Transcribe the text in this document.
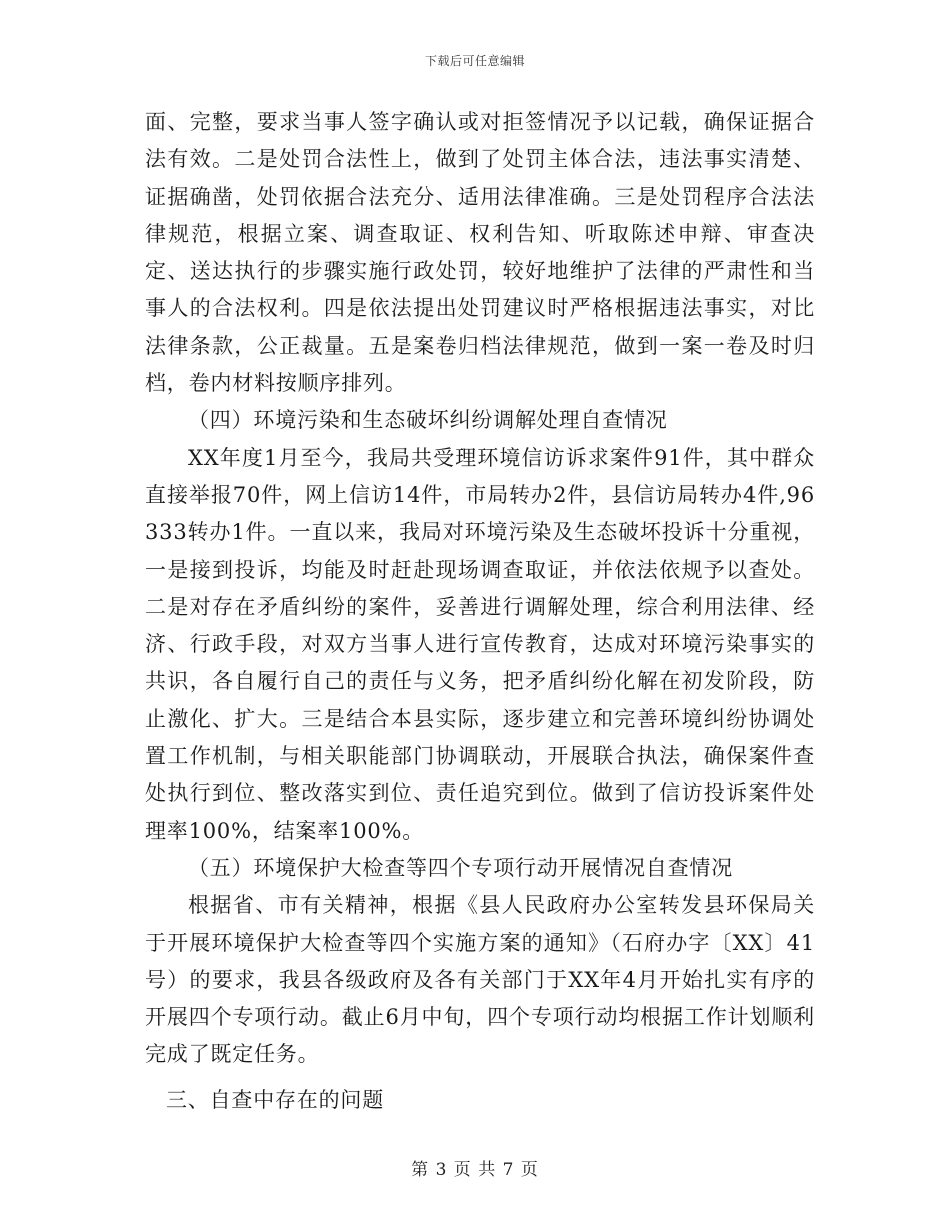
下载后可任意编辑

面、完整，要求当事人签字确认或对拒签情况予以记载，确保证据合法有效。二是处罚合法性上，做到了处罚主体合法，违法事实清楚、证据确凿，处罚依据合法充分、适用法律准确。三是处罚程序合法法律规范，根据立案、调查取证、权利告知、听取陈述申辩、审查决定、送达执行的步骤实施行政处罚，较好地维护了法律的严肃性和当事人的合法权利。四是依法提出处罚建议时严格根据违法事实，对比法律条款，公正裁量。五是案卷归档法律规范，做到一案一卷及时归档，卷内材料按顺序排列。

（四）环境污染和生态破坏纠纷调解处理自查情况

XX年度1月至今，我局共受理环境信访诉求案件91件，其中群众直接举报70件，网上信访14件，市局转办2件，县信访局转办4件,96333转办1件。一直以来，我局对环境污染及生态破坏投诉十分重视，一是接到投诉，均能及时赶赴现场调查取证，并依法依规予以查处。二是对存在矛盾纠纷的案件，妥善进行调解处理，综合利用法律、经济、行政手段，对双方当事人进行宣传教育，达成对环境污染事实的共识，各自履行自己的责任与义务，把矛盾纠纷化解在初发阶段，防止激化、扩大。三是结合本县实际，逐步建立和完善环境纠纷协调处置工作机制，与相关职能部门协调联动，开展联合执法，确保案件查处执行到位、整改落实到位、责任追究到位。做到了信访投诉案件处理率100%，结案率100%。

（五）环境保护大检查等四个专项行动开展情况自查情况

根据省、市有关精神，根据《县人民政府办公室转发县环保局关于开展环境保护大检查等四个实施方案的通知》（石府办字〔XX〕41号）的要求，我县各级政府及各有关部门于XX年4月开始扎实有序的开展四个专项行动。截止6月中旬，四个专项行动均根据工作计划顺利完成了既定任务。

三、自查中存在的问题

第 3 页 共 7 页
